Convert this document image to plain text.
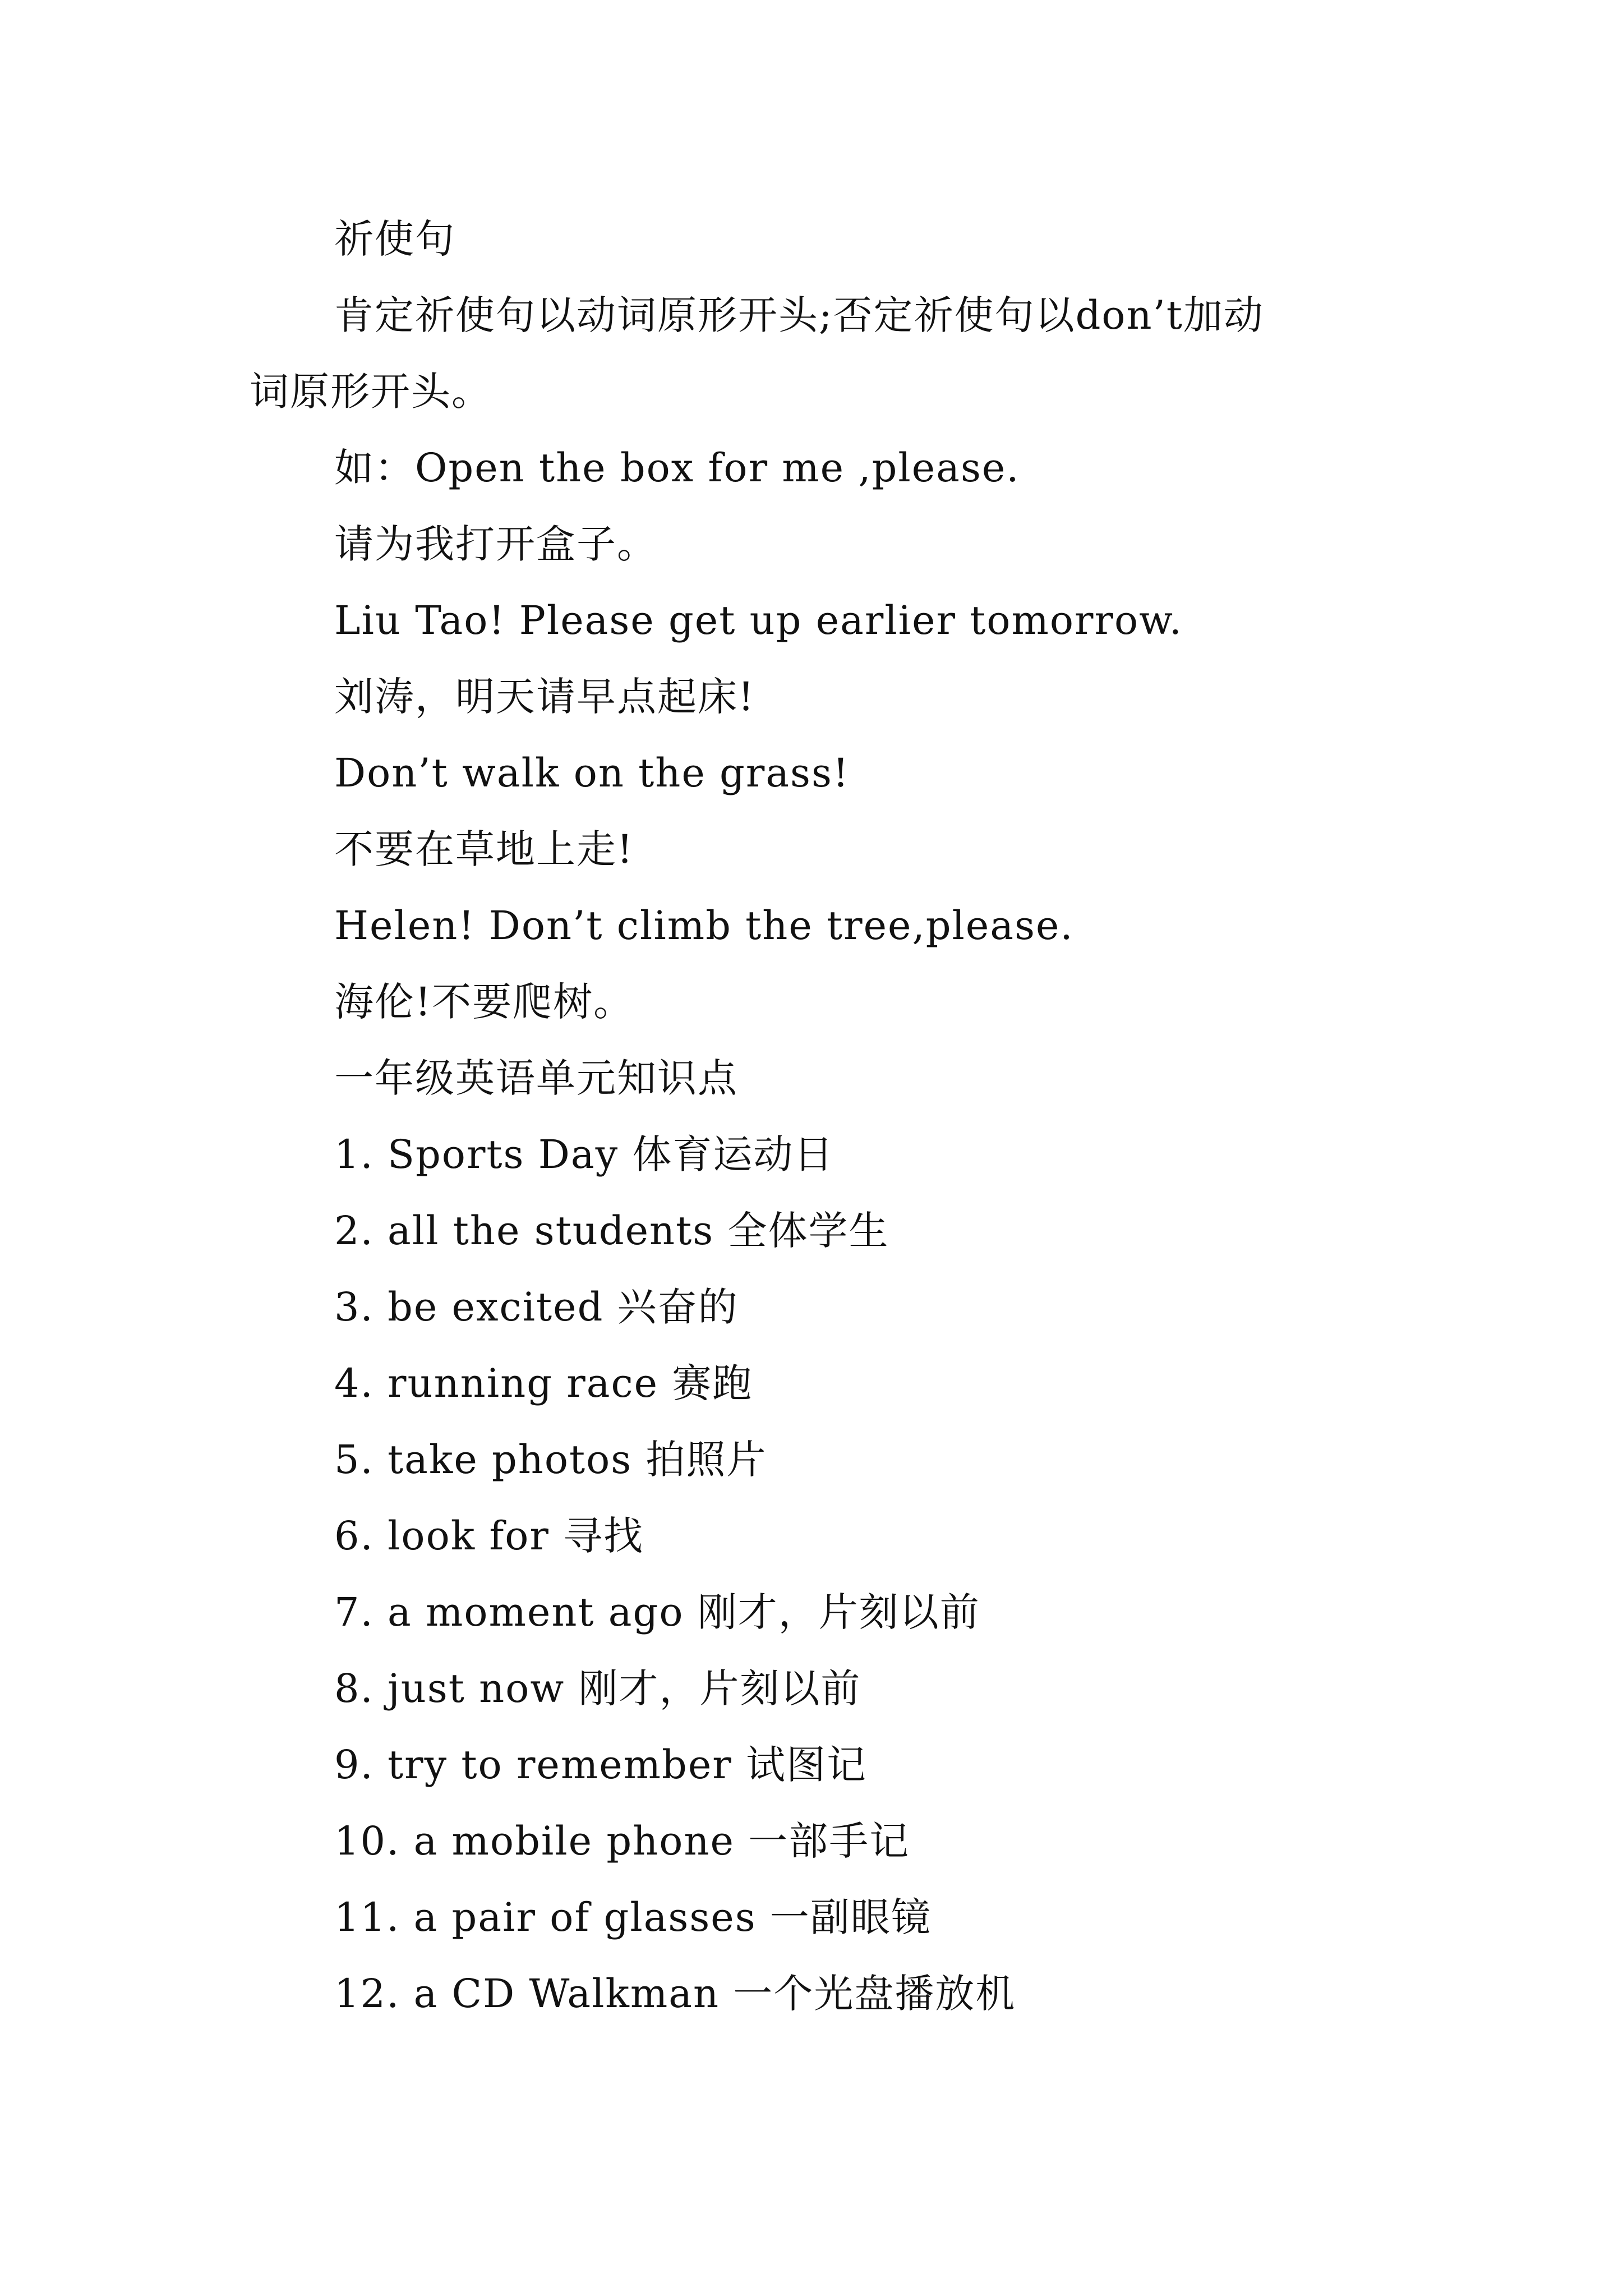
祈使句
肯定祈使句以动词原形开头;否定祈使句以don’t加动
词原形开头。
如：Open the box for me ,please.
请为我打开盒子。
Liu Tao! Please get up earlier tomorrow.
刘涛，明天请早点起床!
Don’t walk on the grass!
不要在草地上走!
Helen! Don’t climb the tree,please.
海伦!不要爬树。
一年级英语单元知识点
1. Sports Day 体育运动日
2. all the students 全体学生
3. be excited 兴奋的
4. running race 赛跑
5. take photos 拍照片
6. look for 寻找
7. a moment ago 刚才，片刻以前
8. just now 刚才，片刻以前
9. try to remember 试图记
10. a mobile phone 一部手记
11. a pair of glasses 一副眼镜
12. a CD Walkman 一个光盘播放机
